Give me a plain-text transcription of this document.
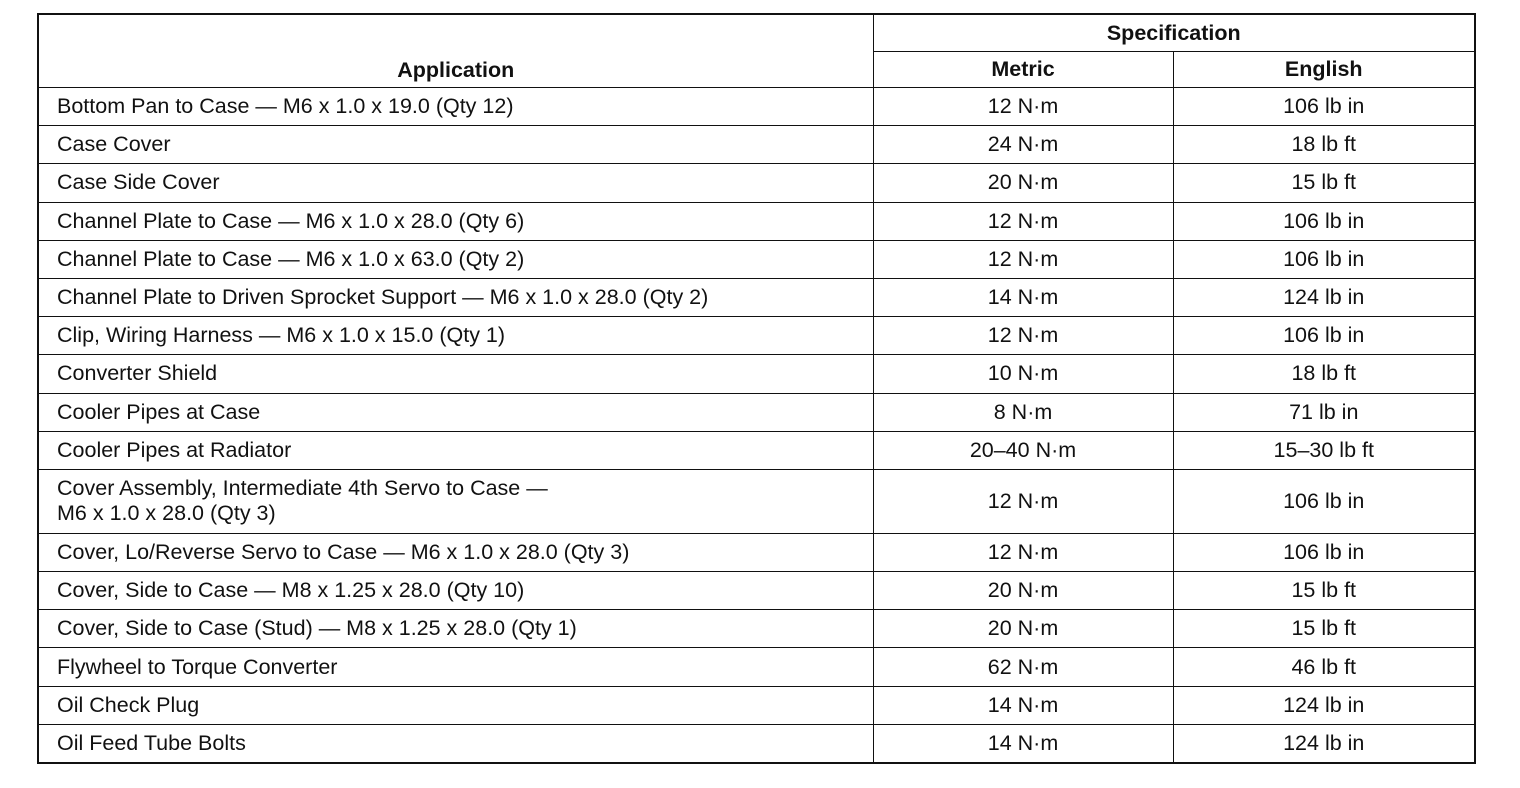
Application	Specification	
	Metric	English
Bottom Pan to Case — M6 x 1.0 x 19.0 (Qty 12)	12 N·m	106 lb in
Case Cover	24 N·m	18 lb ft
Case Side Cover	20 N·m	15 lb ft
Channel Plate to Case — M6 x 1.0 x 28.0 (Qty 6)	12 N·m	106 lb in
Channel Plate to Case — M6 x 1.0 x 63.0 (Qty 2)	12 N·m	106 lb in
Channel Plate to Driven Sprocket Support — M6 x 1.0 x 28.0 (Qty 2)	14 N·m	124 lb in
Clip, Wiring Harness — M6 x 1.0 x 15.0 (Qty 1)	12 N·m	106 lb in
Converter Shield	10 N·m	18 lb ft
Cooler Pipes at Case	8 N·m	71 lb in
Cooler Pipes at Radiator	20–40 N·m	15–30 lb ft

Cover Assembly, Intermediate 4th Servo to Case —
M6 x 1.0 x 28.0 (Qty 3)	12 N·m	106 lb in
Cover, Lo/Reverse Servo to Case — M6 x 1.0 x 28.0 (Qty 3)	12 N·m	106 lb in
Cover, Side to Case — M8 x 1.25 x 28.0 (Qty 10)	20 N·m	15 lb ft
Cover, Side to Case (Stud) — M8 x 1.25 x 28.0 (Qty 1)	20 N·m	15 lb ft
Flywheel to Torque Converter	62 N·m	46 lb ft
Oil Check Plug	14 N·m	124 lb in
Oil Feed Tube Bolts	14 N·m	124 lb in
